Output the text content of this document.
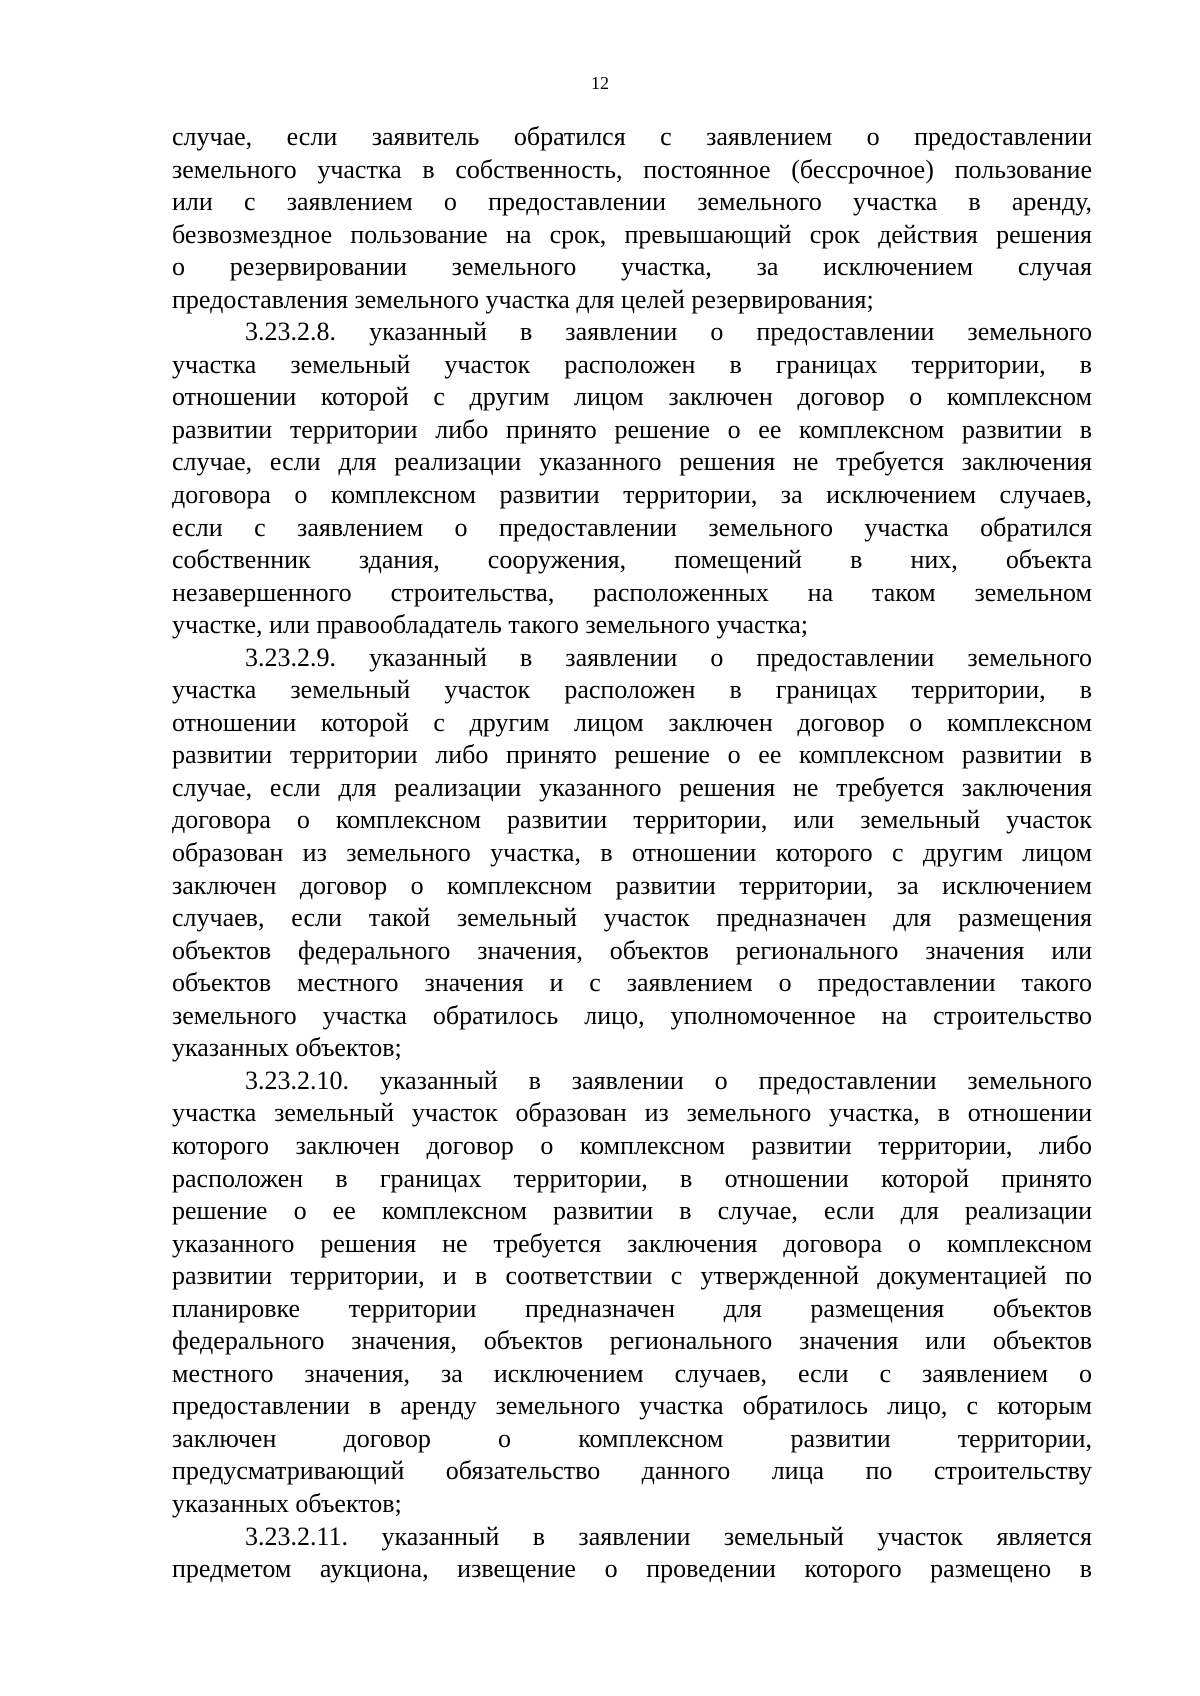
12
случае, если заявитель обратился с заявлением о предоставлении
земельного участка в собственность, постоянное (бессрочное) пользование
или с заявлением о предоставлении земельного участка в аренду,
безвозмездное пользование на срок, превышающий срок действия решения
о резервировании земельного участка, за исключением случая
предоставления земельного участка для целей резервирования;
3.23.2.8. указанный в заявлении о предоставлении земельного
участка земельный участок расположен в границах территории, в
отношении которой с другим лицом заключен договор о комплексном
развитии территории либо принято решение о ее комплексном развитии в
случае, если для реализации указанного решения не требуется заключения
договора о комплексном развитии территории, за исключением случаев,
если с заявлением о предоставлении земельного участка обратился
собственник здания, сооружения, помещений в них, объекта
незавершенного строительства, расположенных на таком земельном
участке, или правообладатель такого земельного участка;
3.23.2.9. указанный в заявлении о предоставлении земельного
участка земельный участок расположен в границах территории, в
отношении которой с другим лицом заключен договор о комплексном
развитии территории либо принято решение о ее комплексном развитии в
случае, если для реализации указанного решения не требуется заключения
договора о комплексном развитии территории, или земельный участок
образован из земельного участка, в отношении которого с другим лицом
заключен договор о комплексном развитии территории, за исключением
случаев, если такой земельный участок предназначен для размещения
объектов федерального значения, объектов регионального значения или
объектов местного значения и с заявлением о предоставлении такого
земельного участка обратилось лицо, уполномоченное на строительство
указанных объектов;
3.23.2.10. указанный в заявлении о предоставлении земельного
участка земельный участок образован из земельного участка, в отношении
которого заключен договор о комплексном развитии территории, либо
расположен в границах территории, в отношении которой принято
решение о ее комплексном развитии в случае, если для реализации
указанного решения не требуется заключения договора о комплексном
развитии территории, и в соответствии с утвержденной документацией по
планировке территории предназначен для размещения объектов
федерального значения, объектов регионального значения или объектов
местного значения, за исключением случаев, если с заявлением о
предоставлении в аренду земельного участка обратилось лицо, с которым
заключен договор о комплексном развитии территории,
предусматривающий обязательство данного лица по строительству
указанных объектов;
3.23.2.11. указанный в заявлении земельный участок является
предметом аукциона, извещение о проведении которого размещено в
